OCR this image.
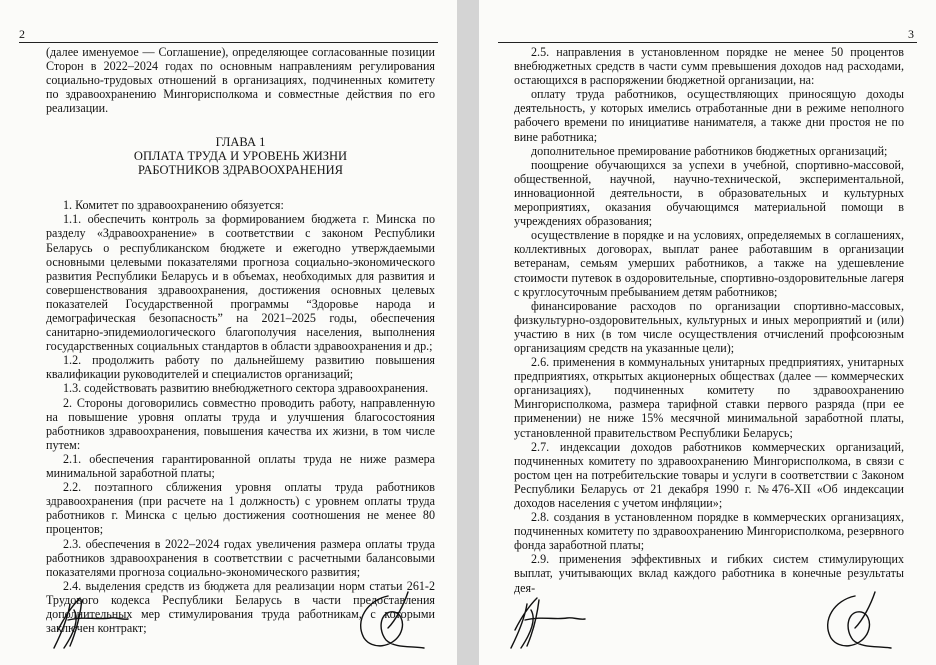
2

(далее именуемое — Соглашение), определяющее согласованные позиции Сторон в 2022–2024 годах по основным направлениям регулирования социально-трудовых отношений в организациях, подчиненных комитету по здравоохранению Мингорисполкома и совместные действия по его реализации.

ГЛАВА 1
ОПЛАТА ТРУДА И УРОВЕНЬ ЖИЗНИ
РАБОТНИКОВ ЗДРАВООХРАНЕНИЯ

1. Комитет по здравоохранению обязуется:

1.1. обеспечить контроль за формированием бюджета г. Минска по разделу «Здравоохранение» в соответствии с законом Республики Беларусь о республиканском бюджете и ежегодно утверждаемыми основными целевыми показателями прогноза социально-экономического развития Республики Беларусь и в объемах, необходимых для развития и совершенствования здравоохранения, достижения основных целевых показателей Государственной программы “Здоровье народа и демографическая безопасность” на 2021–2025 годы, обеспечения санитарно-эпидемиологического благополучия населения, выполнения государственных социальных стандартов в области здравоохранения и др.;

1.2. продолжить работу по дальнейшему развитию повышения квалификации руководителей и специалистов организаций;

1.3. содействовать развитию внебюджетного сектора здравоохранения.

2. Стороны договорились совместно проводить работу, направленную на повышение уровня оплаты труда и улучшения благосостояния работников здравоохранения, повышения качества их жизни, в том числе путем:

2.1. обеспечения гарантированной оплаты труда не ниже размера минимальной заработной платы;

2.2. поэтапного сближения уровня оплаты труда работников здравоохранения (при расчете на 1 должность) с уровнем оплаты труда работников г. Минска с целью достижения соотношения не менее 80 процентов;

2.3. обеспечения в 2022–2024 годах увеличения размера оплаты труда работников здравоохранения в соответствии с расчетными балансовыми показателями прогноза социально-экономического развития;

2.4. выделения средств из бюджета для реализации норм статьи 261-2 Трудового кодекса Республики Беларусь в части предоставления дополнительных мер стимулирования труда работникам, с которыми заключен контракт;

3

2.5. направления в установленном порядке не менее 50 процентов внебюджетных средств в части сумм превышения доходов над расходами, остающихся в распоряжении бюджетной организации, на:

оплату труда работников, осуществляющих приносящую доходы деятельность, у которых имелись отработанные дни в режиме неполного рабочего времени по инициативе нанимателя, а также дни простоя не по вине работника;

дополнительное премирование работников бюджетных организаций;

поощрение обучающихся за успехи в учебной, спортивно-массовой, общественной, научной, научно-технической, экспериментальной, инновационной деятельности, в образовательных и культурных мероприятиях, оказания обучающимся материальной помощи в учреждениях образования;

осуществление в порядке и на условиях, определяемых в соглашениях, коллективных договорах, выплат ранее работавшим в организации ветеранам, семьям умерших работников, а также на удешевление стоимости путевок в оздоровительные, спортивно-оздоровительные лагеря с круглосуточным пребыванием детям работников;

финансирование расходов по организации спортивно-массовых, физкультурно-оздоровительных, культурных и иных мероприятий и (или) участию в них (в том числе осуществления отчислений профсоюзным организациям средств на указанные цели);

2.6. применения в коммунальных унитарных предприятиях, унитарных предприятиях, открытых акционерных обществах (далее — коммерческих организациях), подчиненных комитету по здравоохранению Мингорисполкома, размера тарифной ставки первого разряда (при ее применении) не ниже 15% месячной минимальной заработной платы, установленной правительством Республики Беларусь;

2.7. индексации доходов работников коммерческих организаций, подчиненных комитету по здравоохранению Мингорисполкома, в связи с ростом цен на потребительские товары и услуги в соответствии с Законом Республики Беларусь от 21 декабря 1990 г. №476-XII «Об индексации доходов населения с учетом инфляции»;

2.8. создания в установленном порядке в коммерческих организациях, подчиненных комитету по здравоохранению Мингорисполкома, резервного фонда заработной платы;

2.9. применения эффективных и гибких систем стимулирующих выплат, учитывающих вклад каждого работника в конечные результаты дея-
